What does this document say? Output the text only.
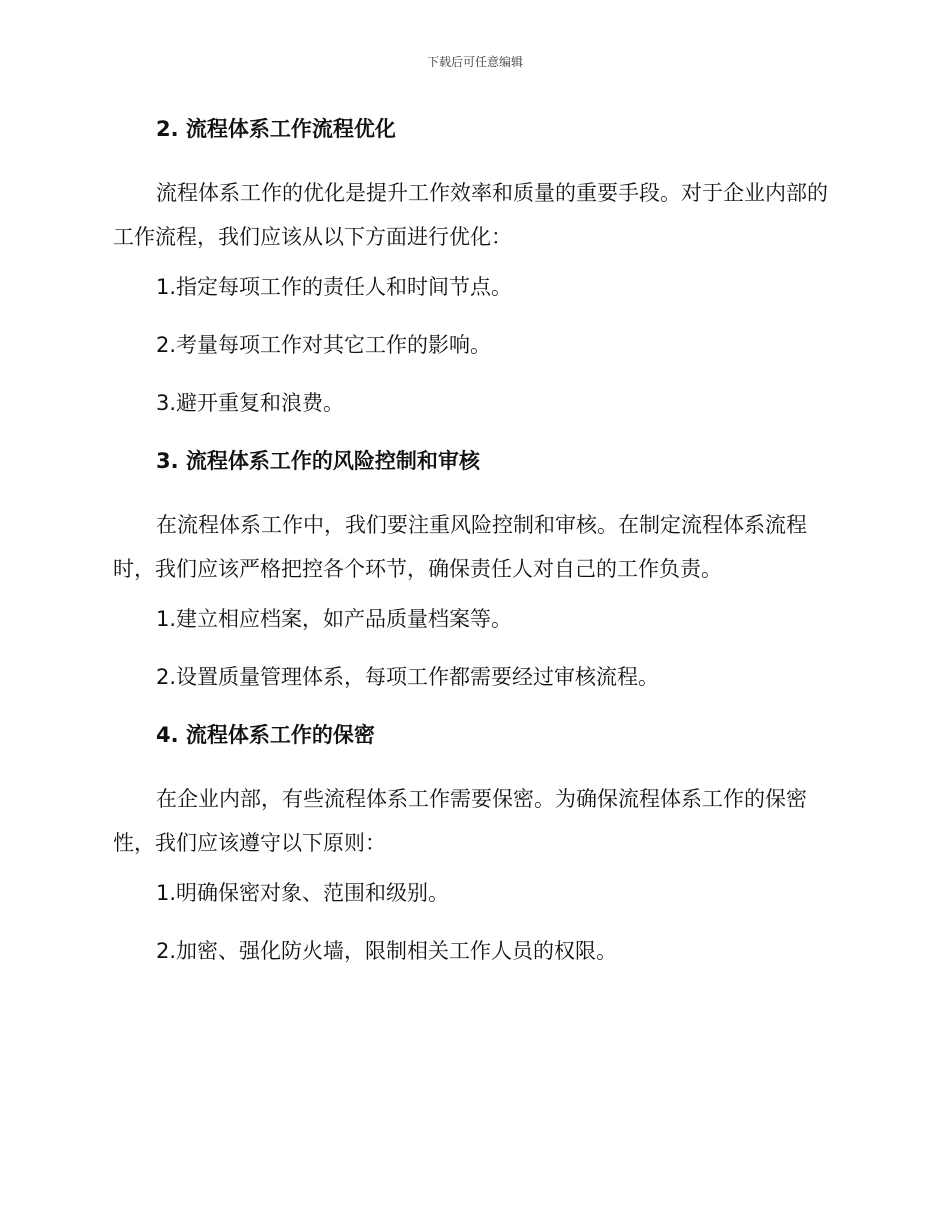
下载后可任意编辑
2. 流程体系工作流程优化
流程体系工作的优化是提升工作效率和质量的重要手段。对于企业内部的工作流程，我们应该从以下方面进行优化：
1.指定每项工作的责任人和时间节点。
2.考量每项工作对其它工作的影响。
3.避开重复和浪费。
3. 流程体系工作的风险控制和审核
在流程体系工作中，我们要注重风险控制和审核。在制定流程体系流程时，我们应该严格把控各个环节，确保责任人对自己的工作负责。
1.建立相应档案，如产品质量档案等。
2.设置质量管理体系，每项工作都需要经过审核流程。
4. 流程体系工作的保密
在企业内部，有些流程体系工作需要保密。为确保流程体系工作的保密性，我们应该遵守以下原则：
1.明确保密对象、范围和级别。
2.加密、强化防火墙，限制相关工作人员的权限。
